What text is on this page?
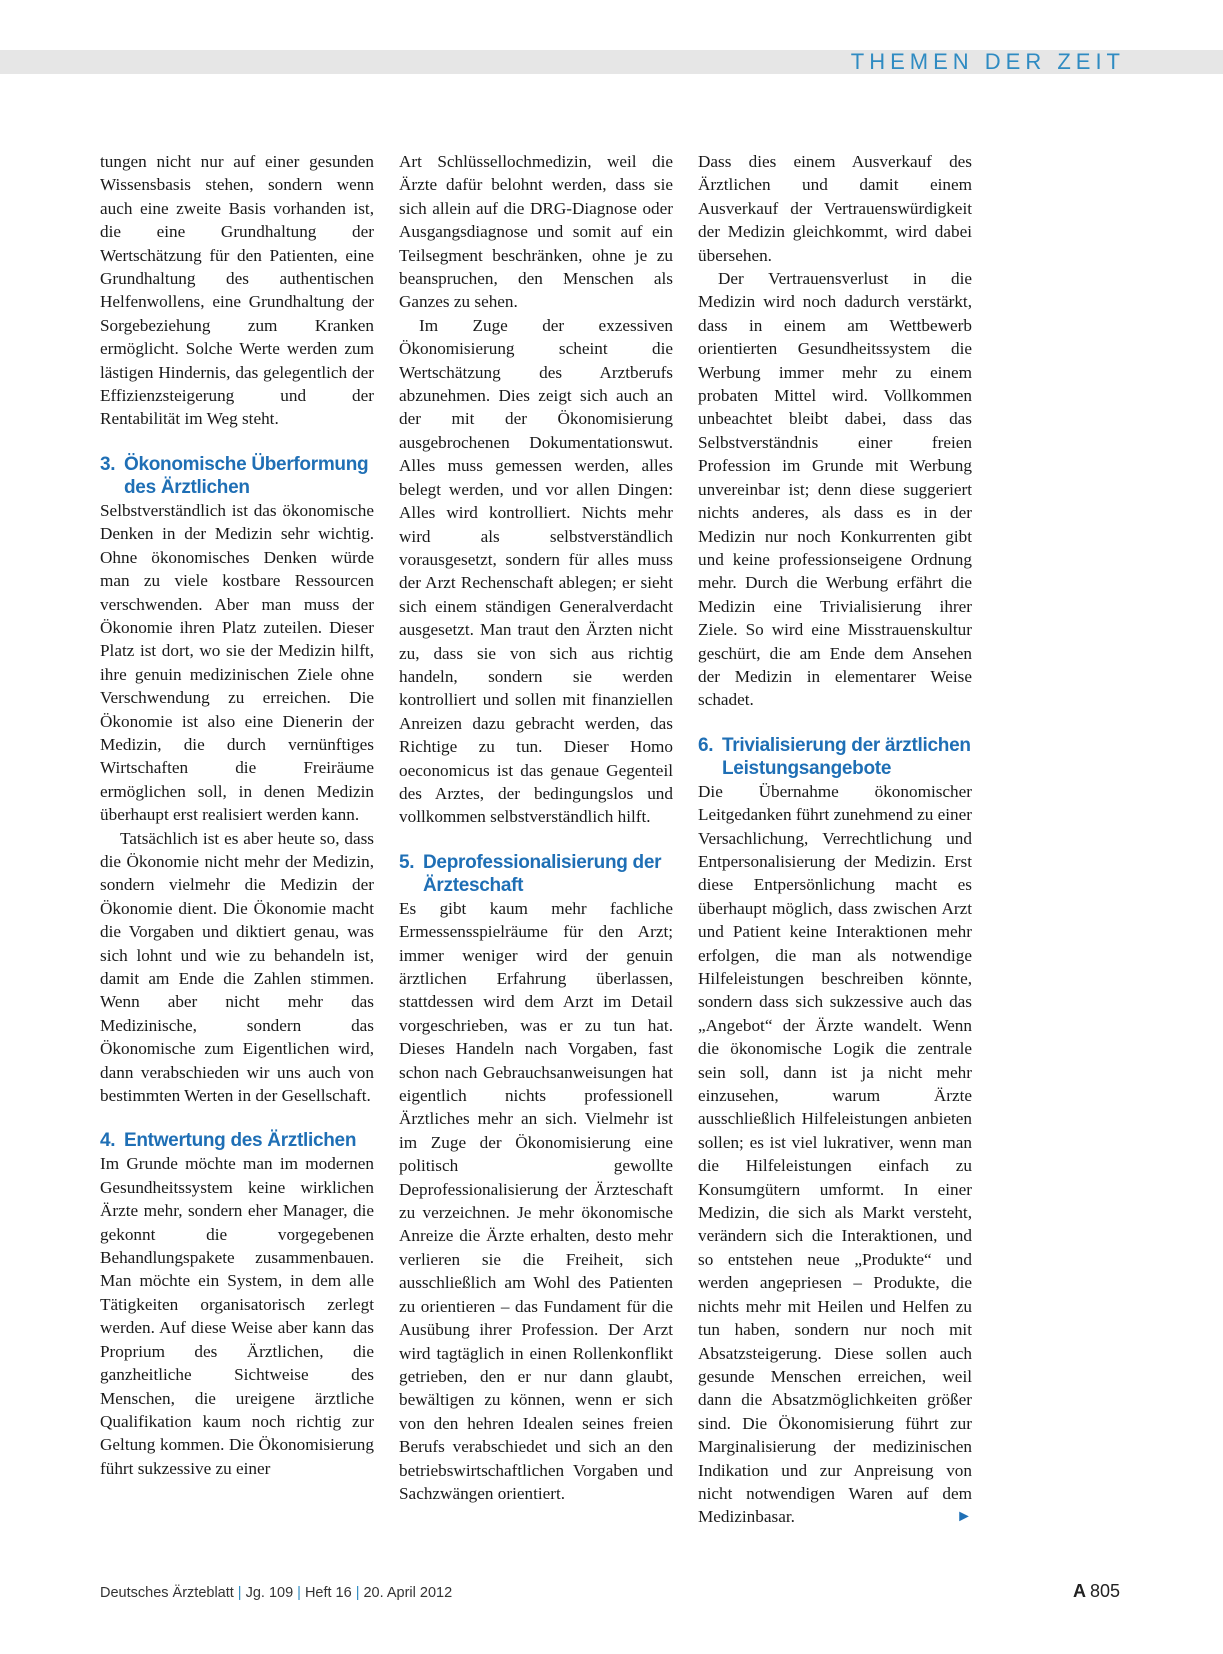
THEMEN DER ZEIT

tungen nicht nur auf einer gesunden Wissensbasis stehen, sondern wenn auch eine zweite Basis vorhanden ist, die eine Grundhaltung der Wertschätzung für den Patienten, eine Grundhaltung des authentischen Helfenwollens, eine Grundhaltung der Sorgebeziehung zum Kranken ermöglicht. Solche Werte werden zum lästigen Hindernis, das gelegentlich der Effizienzsteigerung und der Rentabilität im Weg steht.

3. Ökonomische Überformung des Ärztlichen

Selbstverständlich ist das ökonomische Denken in der Medizin sehr wichtig. Ohne ökonomisches Denken würde man zu viele kostbare Ressourcen verschwenden. Aber man muss der Ökonomie ihren Platz zuteilen. Dieser Platz ist dort, wo sie der Medizin hilft, ihre genuin medizinischen Ziele ohne Verschwendung zu erreichen. Die Ökonomie ist also eine Dienerin der Medizin, die durch vernünftiges Wirtschaften die Freiräume ermöglichen soll, in denen Medizin überhaupt erst realisiert werden kann.

Tatsächlich ist es aber heute so, dass die Ökonomie nicht mehr der Medizin, sondern vielmehr die Medizin der Ökonomie dient. Die Ökonomie macht die Vorgaben und diktiert genau, was sich lohnt und wie zu behandeln ist, damit am Ende die Zahlen stimmen. Wenn aber nicht mehr das Medizinische, sondern das Ökonomische zum Eigentlichen wird, dann verabschieden wir uns auch von bestimmten Werten in der Gesellschaft.

4. Entwertung des Ärztlichen

Im Grunde möchte man im modernen Gesundheitssystem keine wirklichen Ärzte mehr, sondern eher Manager, die gekonnt die vorgegebenen Behandlungspakete zusammenbauen. Man möchte ein System, in dem alle Tätigkeiten organisatorisch zerlegt werden. Auf diese Weise aber kann das Proprium des Ärztlichen, die ganzheitliche Sichtweise des Menschen, die ureigene ärztliche Qualifikation kaum noch richtig zur Geltung kommen. Die Ökonomisierung führt sukzessive zu einer

Art Schlüssellochmedizin, weil die Ärzte dafür belohnt werden, dass sie sich allein auf die DRG-Diagnose oder Ausgangsdiagnose und somit auf ein Teilsegment beschränken, ohne je zu beanspruchen, den Menschen als Ganzes zu sehen.

Im Zuge der exzessiven Ökonomisierung scheint die Wertschätzung des Arztberufs abzunehmen. Dies zeigt sich auch an der mit der Ökonomisierung ausgebrochenen Dokumentationswut. Alles muss gemessen werden, alles belegt werden, und vor allen Dingen: Alles wird kontrolliert. Nichts mehr wird als selbstverständlich vorausgesetzt, sondern für alles muss der Arzt Rechenschaft ablegen; er sieht sich einem ständigen Generalverdacht ausgesetzt. Man traut den Ärzten nicht zu, dass sie von sich aus richtig handeln, sondern sie werden kontrolliert und sollen mit finanziellen Anreizen dazu gebracht werden, das Richtige zu tun. Dieser Homo oeconomicus ist das genaue Gegenteil des Arztes, der bedingungslos und vollkommen selbstverständlich hilft.

5. Deprofessionalisierung der Ärzteschaft

Es gibt kaum mehr fachliche Ermessensspielräume für den Arzt; immer weniger wird der genuin ärztlichen Erfahrung überlassen, stattdessen wird dem Arzt im Detail vorgeschrieben, was er zu tun hat. Dieses Handeln nach Vorgaben, fast schon nach Gebrauchsanweisungen hat eigentlich nichts professionell Ärztliches mehr an sich. Vielmehr ist im Zuge der Ökonomisierung eine politisch gewollte Deprofessionalisierung der Ärzteschaft zu verzeichnen. Je mehr ökonomische Anreize die Ärzte erhalten, desto mehr verlieren sie die Freiheit, sich ausschließlich am Wohl des Patienten zu orientieren – das Fundament für die Ausübung ihrer Profession. Der Arzt wird tagtäglich in einen Rollenkonflikt getrieben, den er nur dann glaubt, bewältigen zu können, wenn er sich von den hehren Idealen seines freien Berufs verabschiedet und sich an den betriebswirtschaftlichen Vorgaben und Sachzwängen orientiert.

Dass dies einem Ausverkauf des Ärztlichen und damit einem Ausverkauf der Vertrauenswürdigkeit der Medizin gleichkommt, wird dabei übersehen.

Der Vertrauensverlust in die Medizin wird noch dadurch verstärkt, dass in einem am Wettbewerb orientierten Gesundheitssystem die Werbung immer mehr zu einem probaten Mittel wird. Vollkommen unbeachtet bleibt dabei, dass das Selbstverständnis einer freien Profession im Grunde mit Werbung unvereinbar ist; denn diese suggeriert nichts anderes, als dass es in der Medizin nur noch Konkurrenten gibt und keine professionseigene Ordnung mehr. Durch die Werbung erfährt die Medizin eine Trivialisierung ihrer Ziele. So wird eine Misstrauenskultur geschürt, die am Ende dem Ansehen der Medizin in elementarer Weise schadet.

6. Trivialisierung der ärztlichen Leistungsangebote

Die Übernahme ökonomischer Leitgedanken führt zunehmend zu einer Versachlichung, Verrechtlichung und Entpersonalisierung der Medizin. Erst diese Entpersönlichung macht es überhaupt möglich, dass zwischen Arzt und Patient keine Interaktionen mehr erfolgen, die man als notwendige Hilfeleistungen beschreiben könnte, sondern dass sich sukzessive auch das „Angebot“ der Ärzte wandelt. Wenn die ökonomische Logik die zentrale sein soll, dann ist ja nicht mehr einzusehen, warum Ärzte ausschließlich Hilfeleistungen anbieten sollen; es ist viel lukrativer, wenn man die Hilfeleistungen einfach zu Konsumgütern umformt. In einer Medizin, die sich als Markt versteht, verändern sich die Interaktionen, und so entstehen neue „Produkte“ und werden angepriesen – Produkte, die nichts mehr mit Heilen und Helfen zu tun haben, sondern nur noch mit Absatzsteigerung. Diese sollen auch gesunde Menschen erreichen, weil dann die Absatzmöglichkeiten größer sind. Die Ökonomisierung führt zur Marginalisierung der medizinischen Indikation und zur Anpreisung von nicht notwendigen Waren auf dem Medizinbasar.	►

Deutsches Ärzteblatt | Jg. 109 | Heft 16 | 20. April 2012	A 805
